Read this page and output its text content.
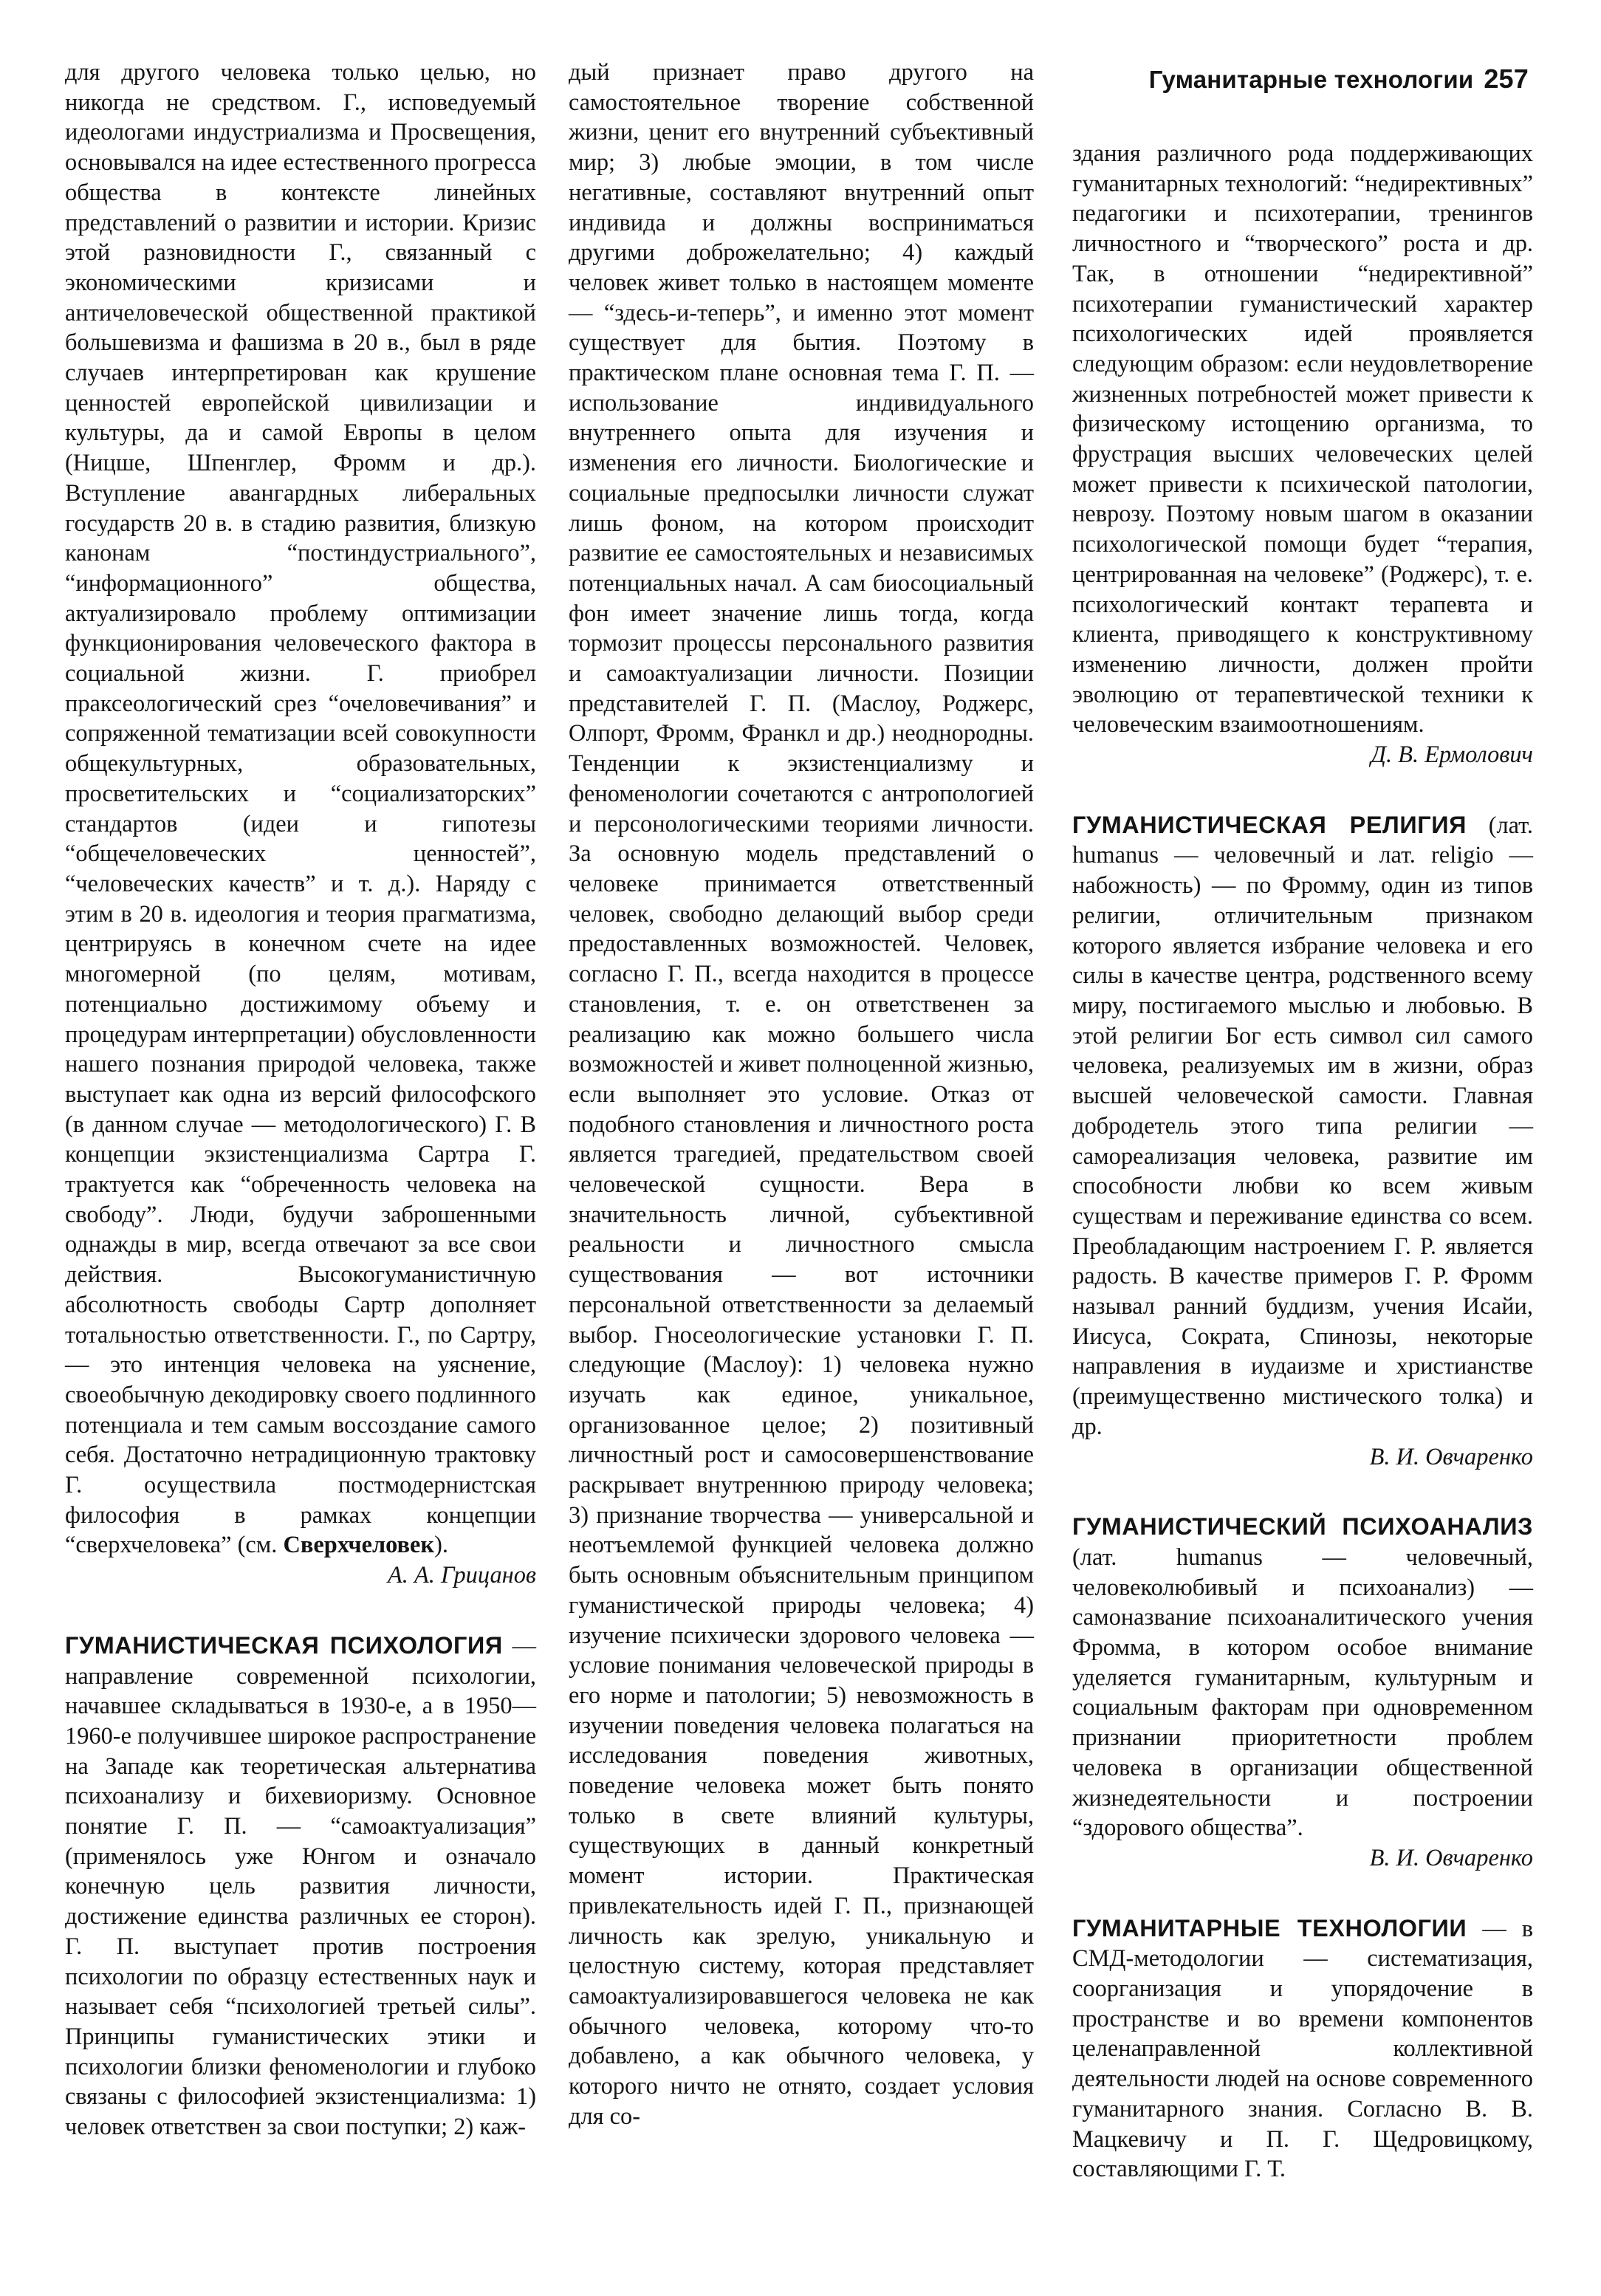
Гуманитарные технологии 257

для другого человека только целью, но никогда не средством. Г., исповедуемый идеологами индустриализма и Просвещения, основывался на идее естественного прогресса общества в контексте линейных представлений о развитии и истории. Кризис этой разновидности Г., связанный с экономическими кризисами и античеловеческой общественной практикой большевизма и фашизма в 20 в., был в ряде случаев интерпретирован как крушение ценностей европейской цивилизации и культуры, да и самой Европы в целом (Ницше, Шпенглер, Фромм и др.). Вступление авангардных либеральных государств 20 в. в стадию развития, близкую канонам “постиндустриального”, “информационного” общества, актуализировало проблему оптимизации функционирования человеческого фактора в социальной жизни. Г. приобрел праксеологический срез “очеловечивания” и сопряженной тематизации всей совокупности общекультурных, образовательных, просветительских и “социализаторских” стандартов (идеи и гипотезы “общечеловеческих ценностей”, “человеческих качеств” и т. д.). Наряду с этим в 20 в. идеология и теория прагматизма, центрируясь в конечном счете на идее многомерной (по целям, мотивам, потенциально достижимому объему и процедурам интерпретации) обусловленности нашего познания природой человека, также выступает как одна из версий философского (в данном случае — методологического) Г. В концепции экзистенциализма Сартра Г. трактуется как “обреченность человека на свободу”. Люди, будучи заброшенными однажды в мир, всегда отвечают за все свои действия. Высокогуманистичную абсолютность свободы Сартр дополняет тотальностью ответственности. Г., по Сартру, — это интенция человека на уяснение, своеобычную декодировку своего подлинного потенциала и тем самым воссоздание самого себя. Достаточно нетрадиционную трактовку Г. осуществила постмодернистская философия в рамках концепции “сверхчеловека” (см. Сверхчеловек).

А. А. Грицанов

ГУМАНИСТИЧЕСКАЯ ПСИХОЛОГИЯ — направление современной психологии, начавшее складываться в 1930-е, а в 1950—1960-е получившее широкое распространение на Западе как теоретическая альтернатива психоанализу и бихевиоризму. Основное понятие Г. П. — “самоактуализация” (применялось уже Юнгом и означало конечную цель развития личности, достижение единства различных ее сторон). Г. П. выступает против построения психологии по образцу естественных наук и называет себя “психологией третьей силы”. Принципы гуманистических этики и психологии близки феноменологии и глубоко связаны с философией экзистенциализма: 1) человек ответствен за свои поступки; 2) каж-

дый признает право другого на самостоятельное творение собственной жизни, ценит его внутренний субъективный мир; 3) любые эмоции, в том числе негативные, составляют внутренний опыт индивида и должны восприниматься другими доброжелательно; 4) каждый человек живет только в настоящем моменте — “здесь-и-теперь”, и именно этот момент существует для бытия. Поэтому в практическом плане основная тема Г. П. — использование индивидуального внутреннего опыта для изучения и изменения его личности. Биологические и социальные предпосылки личности служат лишь фоном, на котором происходит развитие ее самостоятельных и независимых потенциальных начал. А сам биосоциальный фон имеет значение лишь тогда, когда тормозит процессы персонального развития и самоактуализации личности. Позиции представителей Г. П. (Маслоу, Роджерс, Олпорт, Фромм, Франкл и др.) неоднородны. Тенденции к экзистенциализму и феноменологии сочетаются с антропологией и персонологическими теориями личности. За основную модель представлений о человеке принимается ответственный человек, свободно делающий выбор среди предоставленных возможностей. Человек, согласно Г. П., всегда находится в процессе становления, т. е. он ответственен за реализацию как можно большего числа возможностей и живет полноценной жизнью, если выполняет это условие. Отказ от подобного становления и личностного роста является трагедией, предательством своей человеческой сущности. Вера в значительность личной, субъективной реальности и личностного смысла существования — вот источники персональной ответственности за делаемый выбор. Гносеологические установки Г. П. следующие (Маслоу): 1) человека нужно изучать как единое, уникальное, организованное целое; 2) позитивный личностный рост и самосовершенствование раскрывает внутреннюю природу человека; 3) признание творчества — универсальной и неотъемлемой функцией человека должно быть основным объяснительным принципом гуманистической природы человека; 4) изучение психически здорового человека — условие понимания человеческой природы в его норме и патологии; 5) невозможность в изучении поведения человека полагаться на исследования поведения животных, поведение человека может быть понято только в свете влияний культуры, существующих в данный конкретный момент истории. Практическая привлекательность идей Г. П., признающей личность как зрелую, уникальную и целостную систему, которая представляет самоактуализировавшегося человека не как обычного человека, которому что-то добавлено, а как обычного человека, у которого ничто не отнято, создает условия для со-

здания различного рода поддерживающих гуманитарных технологий: “недирективных” педагогики и психотерапии, тренингов личностного и “творческого” роста и др. Так, в отношении “недирективной” психотерапии гуманистический характер психологических идей проявляется следующим образом: если неудовлетворение жизненных потребностей может привести к физическому истощению организма, то фрустрация высших человеческих целей может привести к психической патологии, неврозу. Поэтому новым шагом в оказании психологической помощи будет “терапия, центрированная на человеке” (Роджерс), т. е. психологический контакт терапевта и клиента, приводящего к конструктивному изменению личности, должен пройти эволюцию от терапевтической техники к человеческим взаимоотношениям.

Д. В. Ермолович

ГУМАНИСТИЧЕСКАЯ РЕЛИГИЯ (лат. humanus — человечный и лат. religio — набожность) — по Фромму, один из типов религии, отличительным признаком которого является избрание человека и его силы в качестве центра, родственного всему миру, постигаемого мыслью и любовью. В этой религии Бог есть символ сил самого человека, реализуемых им в жизни, образ высшей человеческой самости. Главная добродетель этого типа религии — самореализация человека, развитие им способности любви ко всем живым существам и переживание единства со всем. Преобладающим настроением Г. Р. является радость. В качестве примеров Г. Р. Фромм называл ранний буддизм, учения Исайи, Иисуса, Сократа, Спинозы, некоторые направления в иудаизме и христианстве (преимущественно мистического толка) и др.

В. И. Овчаренко

ГУМАНИСТИЧЕСКИЙ ПСИХОАНАЛИЗ (лат. humanus — человечный, человеколюбивый и психоанализ) — самоназвание психоаналитического учения Фромма, в котором особое внимание уделяется гуманитарным, культурным и социальным факторам при одновременном признании приоритетности проблем человека в организации общественной жизнедеятельности и построении “здорового общества”.

В. И. Овчаренко

ГУМАНИТАРНЫЕ ТЕХНОЛОГИИ — в СМД-методологии — систематизация, соорганизация и упорядочение в пространстве и во времени компонентов целенаправленной коллективной деятельности людей на основе современного гуманитарного знания. Согласно В. В. Мацкевичу и П. Г. Щедровицкому, составляющими Г. Т.
